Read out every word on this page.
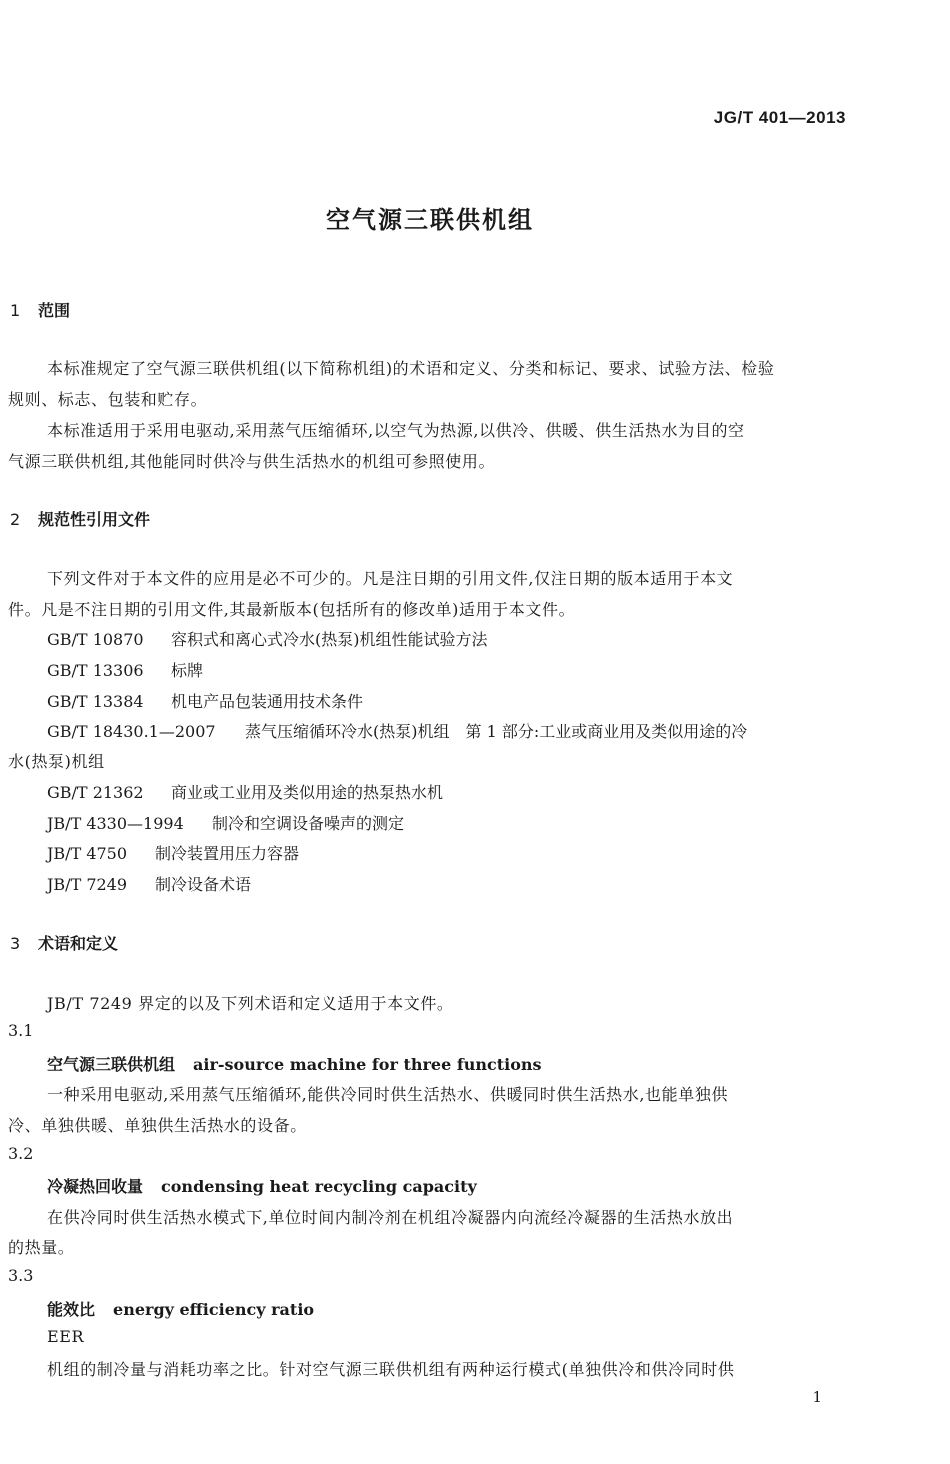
JG/T 401—2013
空气源三联供机组
1 范围
本标准规定了空气源三联供机组(以下简称机组)的术语和定义、分类和标记、要求、试验方法、检验
规则、标志、包装和贮存。
本标准适用于采用电驱动,采用蒸气压缩循环,以空气为热源,以供冷、供暖、供生活热水为目的空
气源三联供机组,其他能同时供冷与供生活热水的机组可参照使用。
2 规范性引用文件
下列文件对于本文件的应用是必不可少的。凡是注日期的引用文件,仅注日期的版本适用于本文
件。凡是不注日期的引用文件,其最新版本(包括所有的修改单)适用于本文件。
GB/T 10870 容积式和离心式冷水(热泵)机组性能试验方法
GB/T 13306 标牌
GB/T 13384 机电产品包装通用技术条件
GB/T 18430.1—2007 蒸气压缩循环冷水(热泵)机组　第 1 部分:工业或商业用及类似用途的冷
水(热泵)机组
GB/T 21362 商业或工业用及类似用途的热泵热水机
JB/T 4330—1994 制冷和空调设备噪声的测定
JB/T 4750 制冷装置用压力容器
JB/T 7249 制冷设备术语
3 术语和定义
JB/T 7249 界定的以及下列术语和定义适用于本文件。
3.1
空气源三联供机组 air-source machine for three functions
一种采用电驱动,采用蒸气压缩循环,能供冷同时供生活热水、供暖同时供生活热水,也能单独供
冷、单独供暖、单独供生活热水的设备。
3.2
冷凝热回收量 condensing heat recycling capacity
在供冷同时供生活热水模式下,单位时间内制冷剂在机组冷凝器内向流经冷凝器的生活热水放出
的热量。
3.3
能效比 energy efficiency ratio
EER
机组的制冷量与消耗功率之比。针对空气源三联供机组有两种运行模式(单独供冷和供冷同时供
1
